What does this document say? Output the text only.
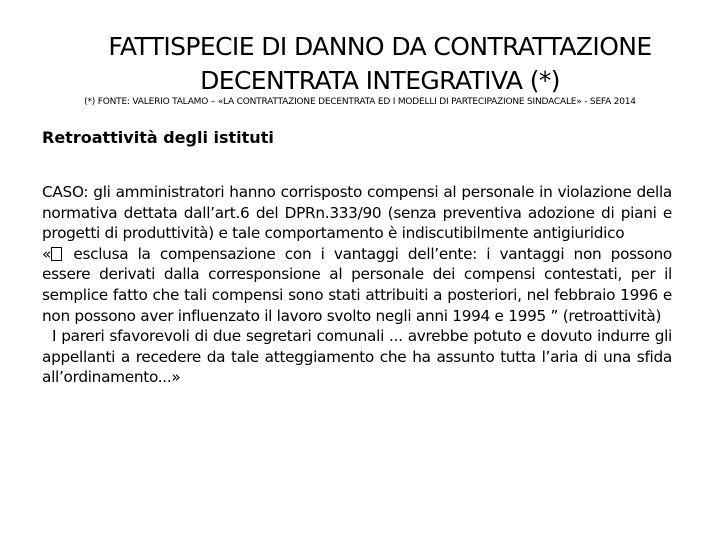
FATTISPECIE DI DANNO DA CONTRATTAZIONE
DECENTRATA INTEGRATIVA (*)
(*) FONTE: VALERIO TALAMO – «LA CONTRATTAZIONE DECENTRATA ED I MODELLI DI PARTECIPAZIONE SINDACALE» - SEFA 2014
Retroattività degli istituti

CASO: gli amministratori hanno corrisposto compensi al personale in violazione della normativa dettata dall’art.6 del DPRn.333/90 (senza preventiva adozione di piani e progetti di produttività) e tale comportamento è indiscutibilmente antigiuridico

« esclusa la compensazione con i vantaggi dell’ente: i vantaggi non possono essere derivati dalla corresponsione al personale dei compensi contestati, per il semplice fatto che tali compensi sono stati attribuiti a posteriori, nel febbraio 1996 e non possono aver influenzato il lavoro svolto negli anni 1994 e 1995 ” (retroattività)

I pareri sfavorevoli di due segretari comunali ... avrebbe potuto e dovuto indurre gli appellanti a recedere da tale atteggiamento che ha assunto tutta l’aria di una sfida all’ordinamento...»
